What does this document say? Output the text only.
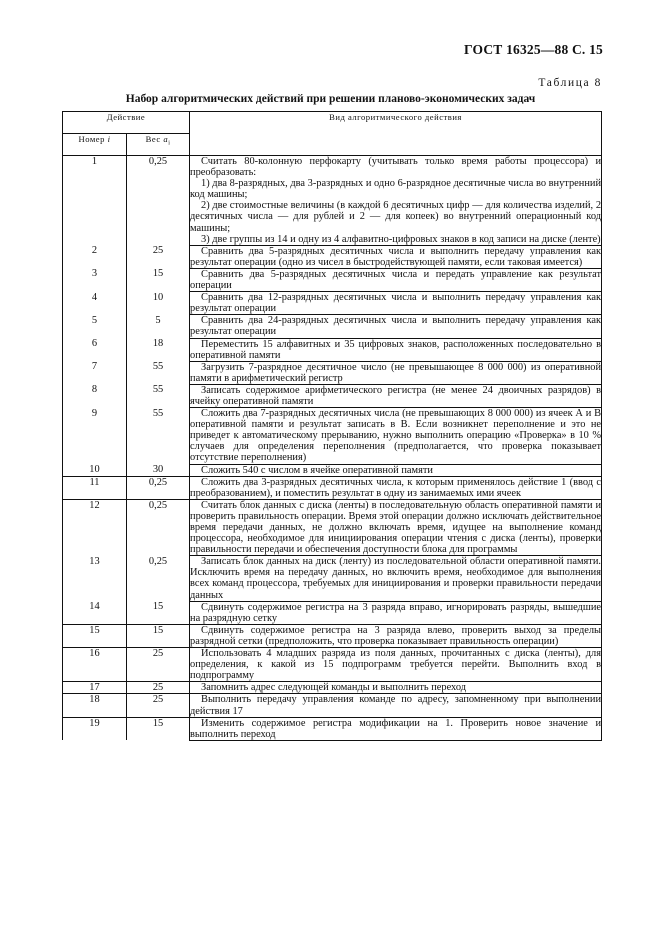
ГОСТ 16325—88 С. 15
Таблица 8
Набор алгоритмических действий при решении планово-экономических задач
Действие		Вид алгоритмического действия
Номер i	Вес $a_i$
1	0,25	Считать 80-колонную перфокарту (учитывать только время работы процессора) и преобразовать:
1) два 8-разрядных, два 3-разрядных и одно 6-разрядное десятичные числа во внутренний код машины;
2) две стоимостные величины (в каждой 6 десятичных цифр — для количества изделий, 2 десятичных числа — для рублей и 2 — для копеек) во внутренний операционный код машины;
3) две группы из 14 и одну из 4 алфавитно-цифровых знаков в код записи на диске (ленте)

2	25	Сравнить два 5-разрядных десятичных числа и выполнить передачу управления как результат операции (одно из чисел в быстродействующей памяти, если таковая имеется)

3	15	Сравнить два 5-разрядных десятичных числа и передать управление как результат операции

4	10	Сравнить два 12-разрядных десятичных числа и выполнить передачу управления как результат операции

5	5	Сравнить два 24-разрядных десятичных числа и выполнить передачу управления как результат операции

6	18	Переместить 15 алфавитных и 35 цифровых знаков, расположенных последовательно в оперативной памяти

7	55	Загрузить 7-разрядное десятичное число (не превышающее 8 000 000) из оперативной памяти в арифметический регистр

8	55	Записать содержимое арифметического регистра (не менее 24 двоичных разрядов) в ячейку оперативной памяти

9	55	Сложить два 7-разрядных десятичных числа (не превышающих 8 000 000) из ячеек А и В оперативной памяти и результат записать в В. Если возникнет переполнение и это не приведет к автоматическому прерыванию, нужно выполнить операцию «Проверка» в 10 % случаев для определения переполнения (предполагается, что проверка показывает отсутствие переполнения)

10	30	Сложить 540 с числом в ячейке оперативной памяти

11	0,25	Сложить два 3-разрядных десятичных числа, к которым применялось действие 1 (ввод с преобразованием), и поместить результат в одну из занимаемых ими ячеек

12	0,25	Считать блок данных с диска (ленты) в последовательную область оперативной памяти и проверить правильность операции. Время этой операции должно исключать действительное время передачи данных, не должно включать время, идущее на выполнение команд процессора, необходимое для инициирования операции чтения с диска (ленты), проверки правильности передачи и обеспечения доступности блока для программы

13	0,25	Записать блок данных на диск (ленту) из последовательной области оперативной памяти. Исключить время на передачу данных, но включить время, необходимое для выполнения всех команд процессора, требуемых для инициирования и проверки правильности передачи данных

14	15	Сдвинуть содержимое регистра на 3 разряда вправо, игнорировать разряды, вышедшие на разрядную сетку

15	15	Сдвинуть содержимое регистра на 3 разряда влево, проверить выход за пределы разрядной сетки (предположить, что проверка показывает правильность операции)

16	25	Использовать 4 младших разряда из поля данных, прочитанных с диска (ленты), для определения, к какой из 15 подпрограмм требуется перейти. Выполнить вход в подпрограмму

17	25	Запомнить адрес следующей команды и выполнить переход

18	25	Выполнить передачу управления команде по адресу, запомненному при выполнении действия 17

19	15	Изменить содержимое регистра модификации на 1. Проверить новое значение и выполнить переход
